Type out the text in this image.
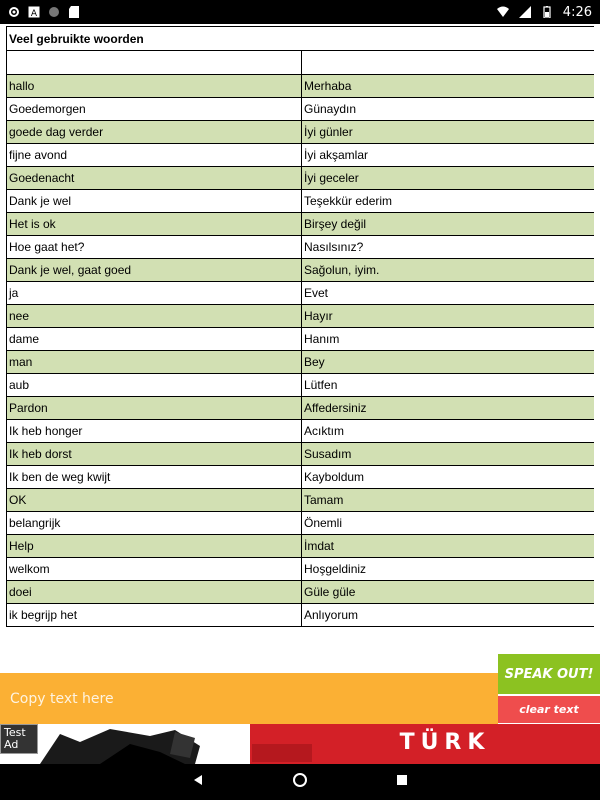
A	4:26
Veel gebruikte woorden	

hallo	Merhaba
Goedemorgen	Günaydın
goede dag verder	İyi günler
fijne avond	İyi akşamlar
Goedenacht	İyi geceler
Dank je wel	Teşekkür ederim
Het is ok	Birşey değil
Hoe gaat het?	Nasılsınız?
Dank je wel, gaat goed	Sağolun, iyim.
ja	Evet
nee	Hayır
dame	Hanım
man	Bey
aub	Lütfen
Pardon	Affedersiniz
Ik heb honger	Acıktım
Ik heb dorst	Susadım
Ik ben de weg kwijt	Kayboldum
OK	Tamam
belangrijk	Önemli
Help	İmdat
welkom	Hoşgeldiniz
doei	Güle güle
ik begrijp het	Anlıyorum
Copy text here
SPEAK OUT!
clear text
TÜRK
Test Ad
